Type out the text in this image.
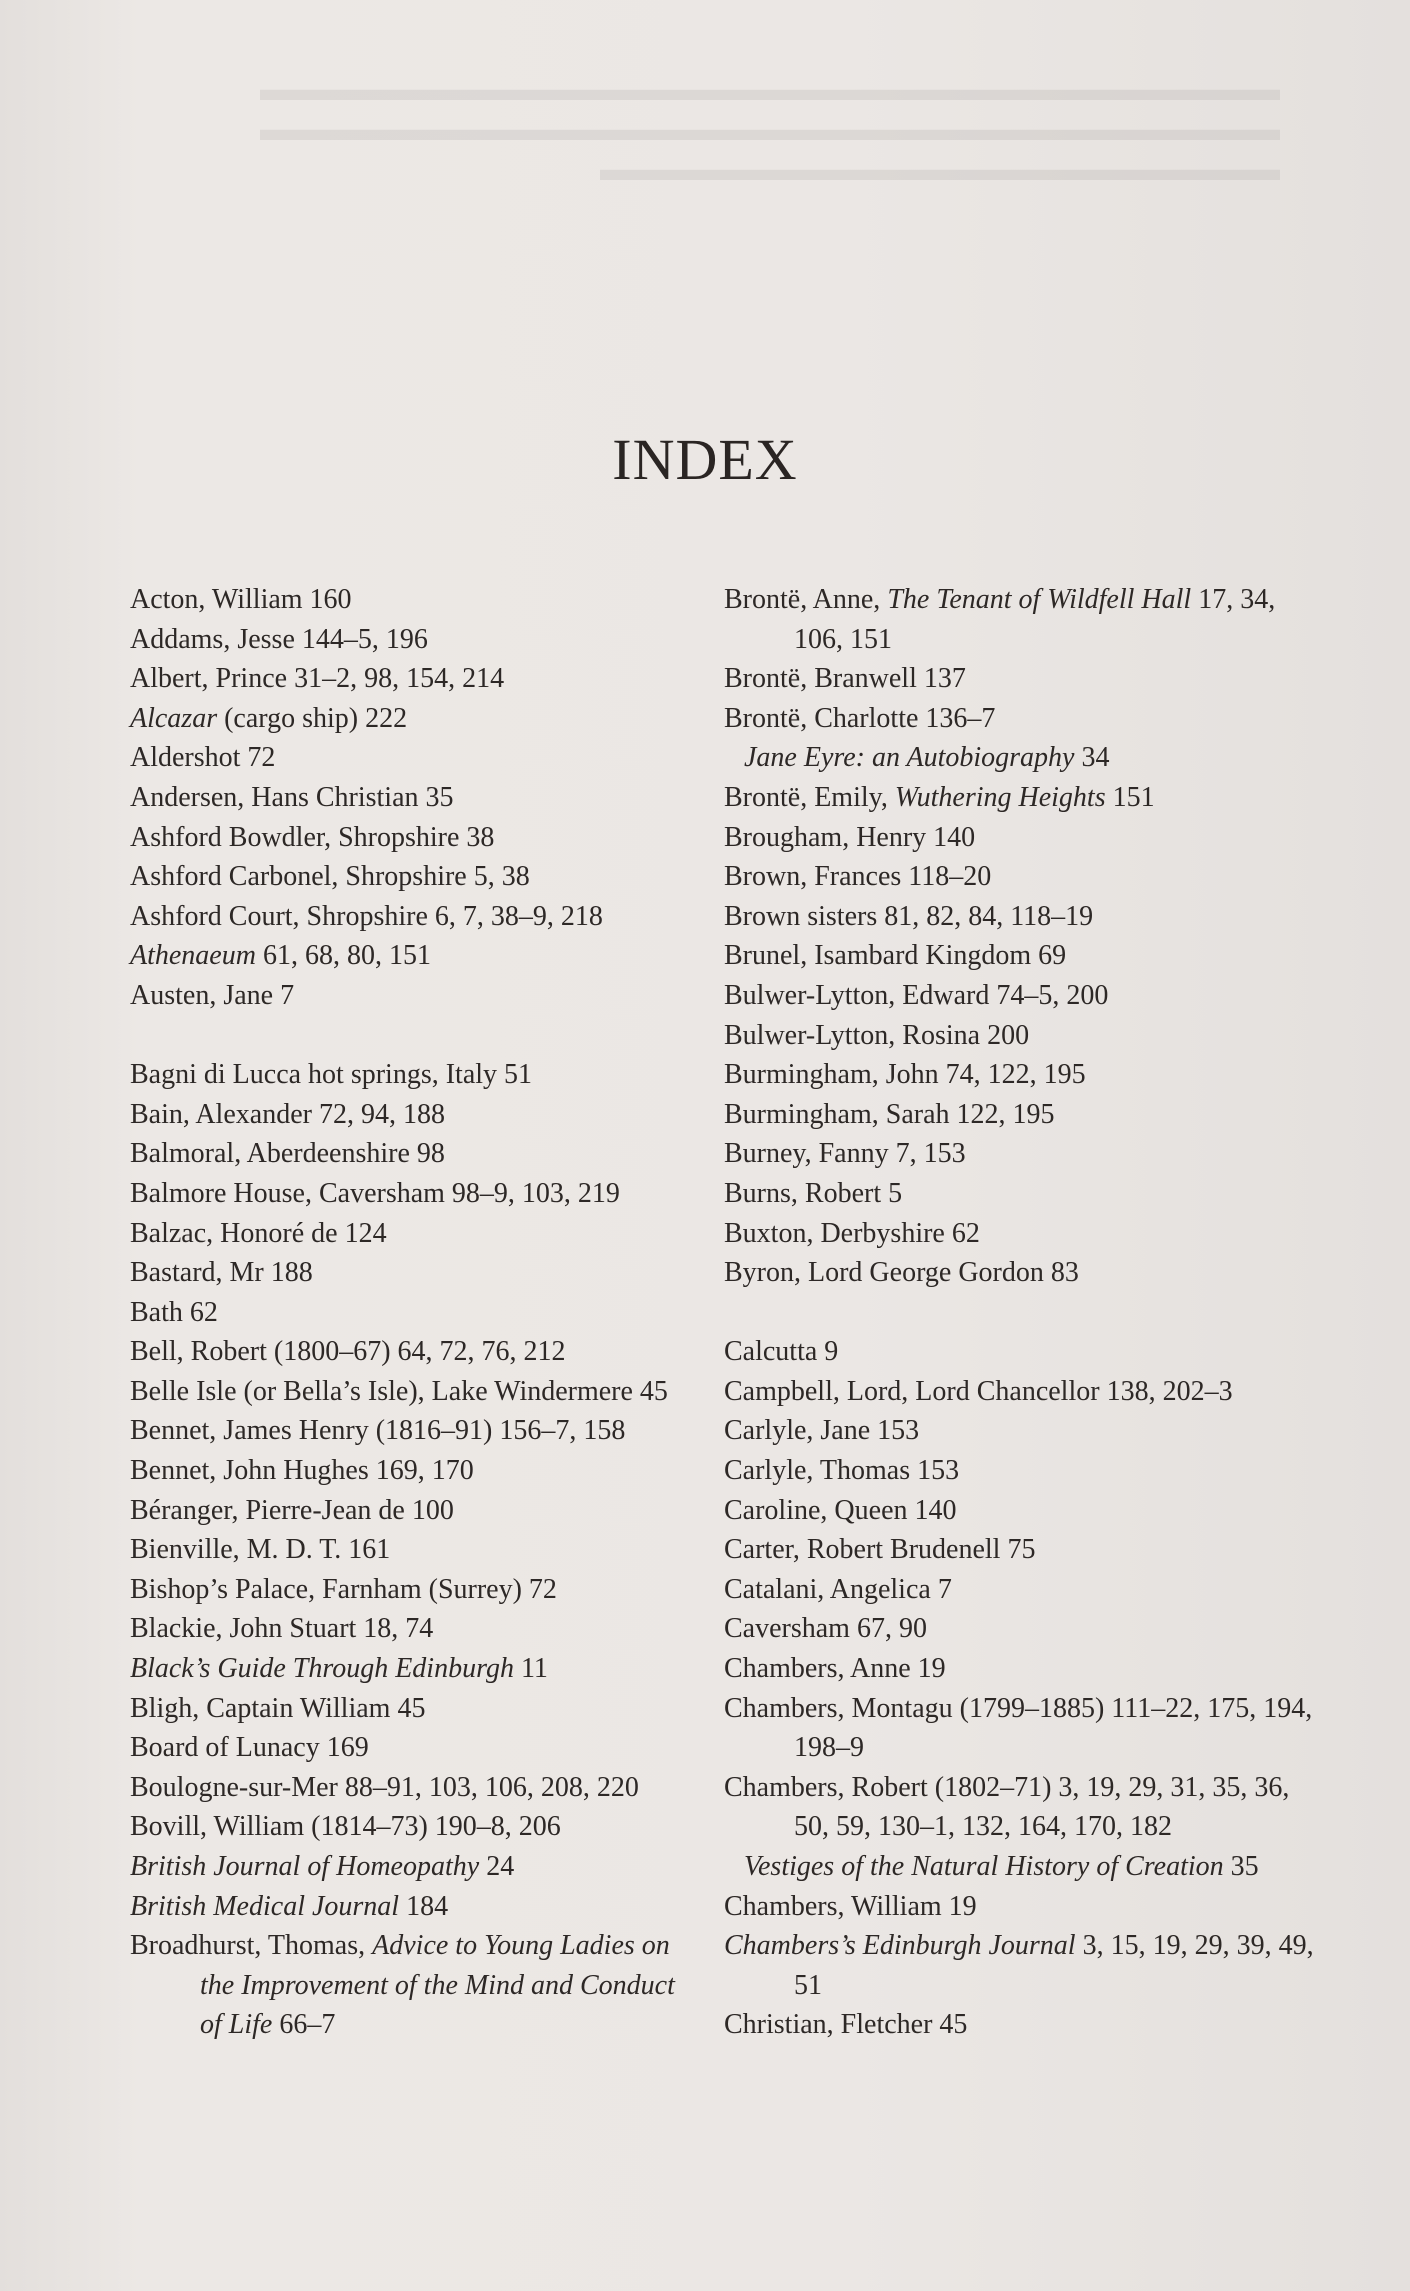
▬▬▬▬▬▬▬▬▬▬▬▬▬▬▬▬▬▬▬▬▬▬▬▬▬▬▬▬▬▬
▬▬▬▬▬▬▬▬▬▬▬▬▬▬▬▬▬▬▬▬▬▬▬▬▬▬▬▬▬▬
▬▬▬▬▬▬▬▬▬▬▬▬▬▬▬▬▬▬▬▬
INDEX
Acton, William 160
Addams, Jesse 144–5, 196
Albert, Prince 31–2, 98, 154, 214
Alcazar (cargo ship) 222
Aldershot 72
Andersen, Hans Christian 35
Ashford Bowdler, Shropshire 38
Ashford Carbonel, Shropshire 5, 38
Ashford Court, Shropshire 6, 7, 38–9, 218
Athenaeum 61, 68, 80, 151
Austen, Jane 7
Bagni di Lucca hot springs, Italy 51
Bain, Alexander 72, 94, 188
Balmoral, Aberdeenshire 98
Balmore House, Caversham 98–9, 103, 219
Balzac, Honoré de 124
Bastard, Mr 188
Bath 62
Bell, Robert (1800–67) 64, 72, 76, 212
Belle Isle (or Bella’s Isle), Lake Windermere 45
Bennet, James Henry (1816–91) 156–7, 158
Bennet, John Hughes 169, 170
Béranger, Pierre-Jean de 100
Bienville, M. D. T. 161
Bishop’s Palace, Farnham (Surrey) 72
Blackie, John Stuart 18, 74
Black’s Guide Through Edinburgh 11
Bligh, Captain William 45
Board of Lunacy 169
Boulogne-sur-Mer 88–91, 103, 106, 208, 220
Bovill, William (1814–73) 190–8, 206
British Journal of Homeopathy 24
British Medical Journal 184
Broadhurst, Thomas, Advice to Young Ladies on the Improvement of the Mind and Conduct of Life 66–7
Brontë, Anne, The Tenant of Wildfell Hall 17, 34, 106, 151
Brontë, Branwell 137
Brontë, Charlotte 136–7
Jane Eyre: an Autobiography 34
Brontë, Emily, Wuthering Heights 151
Brougham, Henry 140
Brown, Frances 118–20
Brown sisters 81, 82, 84, 118–19
Brunel, Isambard Kingdom 69
Bulwer-Lytton, Edward 74–5, 200
Bulwer-Lytton, Rosina 200
Burmingham, John 74, 122, 195
Burmingham, Sarah 122, 195
Burney, Fanny 7, 153
Burns, Robert 5
Buxton, Derbyshire 62
Byron, Lord George Gordon 83
Calcutta 9
Campbell, Lord, Lord Chancellor 138, 202–3
Carlyle, Jane 153
Carlyle, Thomas 153
Caroline, Queen 140
Carter, Robert Brudenell 75
Catalani, Angelica 7
Caversham 67, 90
Chambers, Anne 19
Chambers, Montagu (1799–1885) 111–22, 175, 194, 198–9
Chambers, Robert (1802–71) 3, 19, 29, 31, 35, 36, 50, 59, 130–1, 132, 164, 170, 182
Vestiges of the Natural History of Creation 35
Chambers, William 19
Chambers’s Edinburgh Journal 3, 15, 19, 29, 39, 49, 51
Christian, Fletcher 45
